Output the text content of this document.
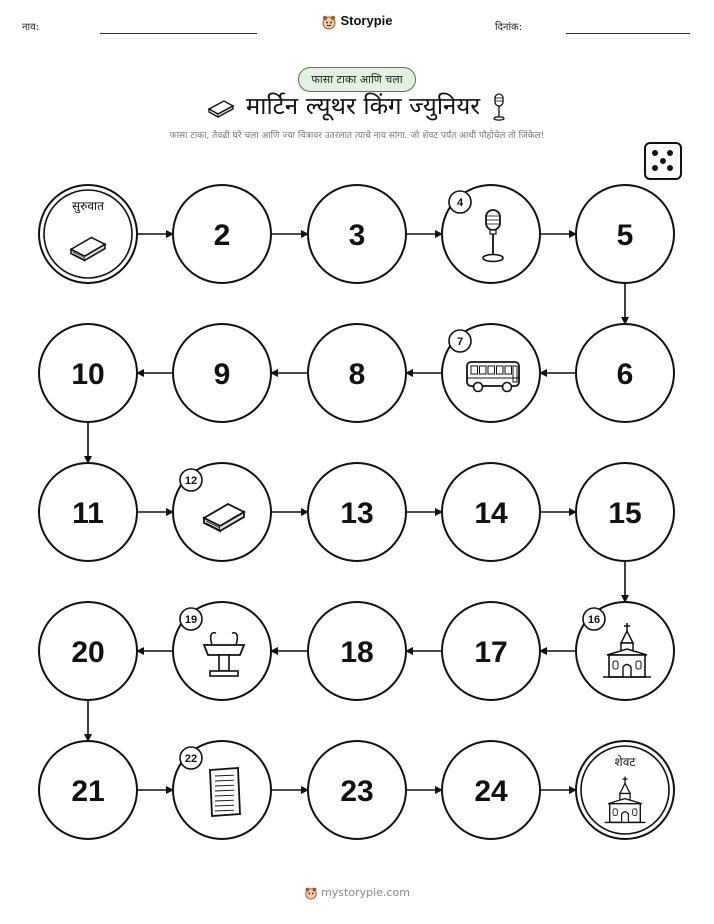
नाव:	Storypie	दिनांक:
फासा टाका आणि चला
मार्टिन ल्यूथर किंग ज्युनियर
फासा टाका, तेवढी घरे चला आणि ज्या चित्रावर उतरलात त्याचे नाव सांगा. जो शेवट पर्यंत आधी पोहोचेल तो जिंकेल!
सुरुवात
2	3
4
5
6
7
8
9
10
11
12
13	14	15
16
17
18
19
20
21
22
23	24
शेवट
mystorypie.com
